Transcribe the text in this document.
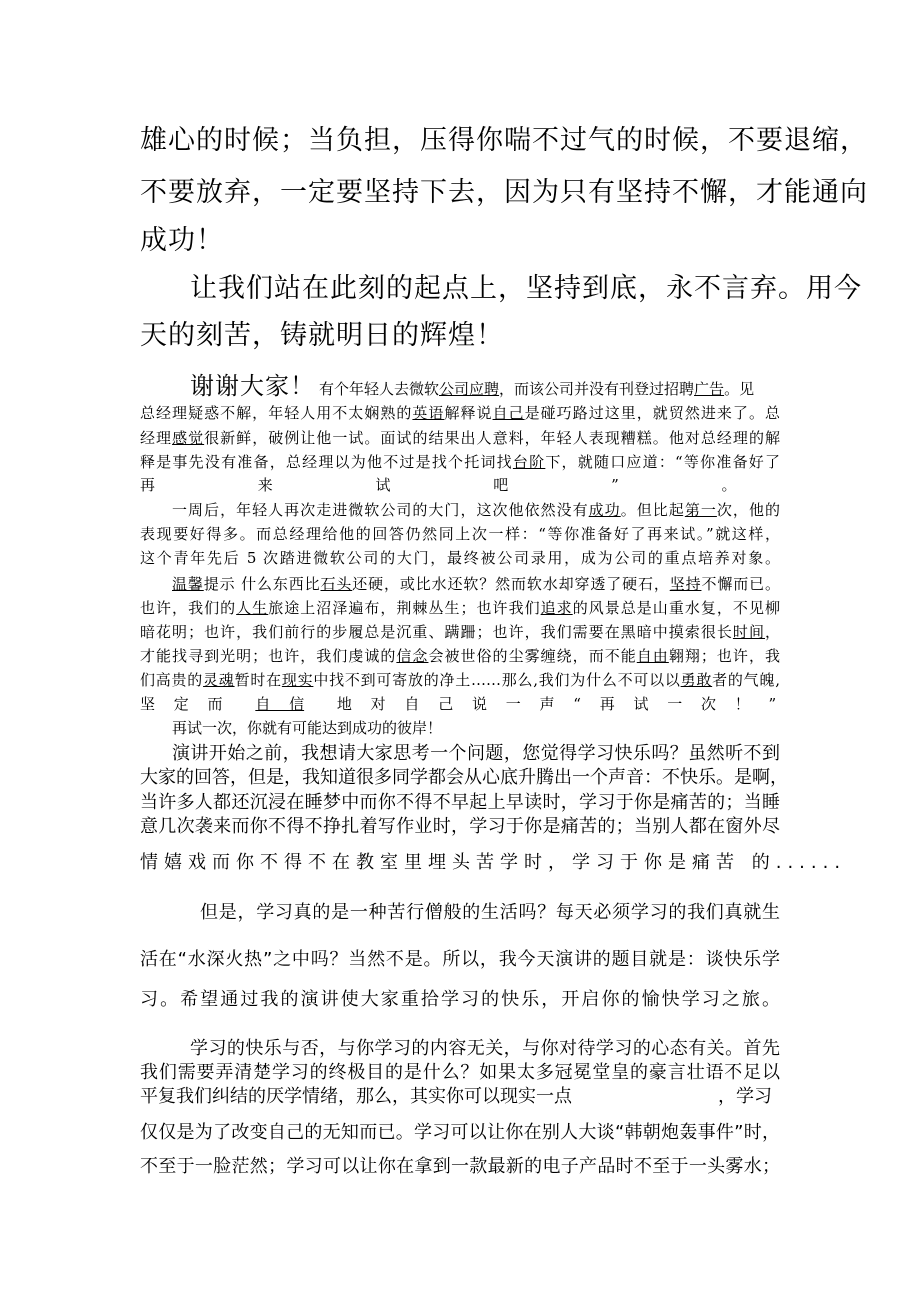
雄心的时候；当负担，压得你喘不过气的时候，不要退缩，
不要放弃，一定要坚持下去，因为只有坚持不懈，才能通向
成功！
让我们站在此刻的起点上，坚持到底，永不言弃。用今
天的刻苦，铸就明日的辉煌！
谢谢大家！ 有个年轻人去微软公司应聘，而该公司并没有刊登过招聘广告。见
总经理疑惑不解，年轻人用不太娴熟的英语解释说自己是碰巧路过这里，就贸然进来了。总
经理感觉很新鲜，破例让他一试。面试的结果出人意料，年轻人表现糟糕。他对总经理的解
释是事先没有准备，总经理以为他不过是找个托词找台阶下，就随口应道：“等你准备好了
再 来 试 吧 ” 。
一周后，年轻人再次走进微软公司的大门，这次他依然没有成功。但比起第一次，他的
表现要好得多。而总经理给他的回答仍然同上次一样：“等你准备好了再来试。”就这样，
这个青年先后 5 次踏进微软公司的大门，最终被公司录用，成为公司的重点培养对象。
温馨提示 什么东西比石头还硬，或比水还软？然而软水却穿透了硬石，坚持不懈而已。
也许，我们的人生旅途上沼泽遍布，荆棘丛生；也许我们追求的风景总是山重水复，不见柳
暗花明；也许，我们前行的步履总是沉重、蹒跚；也许，我们需要在黑暗中摸索很长时间，
才能找寻到光明；也许，我们虔诚的信念会被世俗的尘雾缠绕，而不能自由翱翔；也许，我
们高贵的灵魂暂时在现实中找不到可寄放的净土……那么,我们为什么不可以以勇敢者的气魄,
坚 定 而 自 信 地 对 自 己 说 一 声 “ 再 试 一 次 ！ ”
再试一次，你就有可能达到成功的彼岸！
演讲开始之前，我想请大家思考一个问题，您觉得学习快乐吗？虽然听不到
大家的回答，但是，我知道很多同学都会从心底升腾出一个声音：不快乐。是啊，
当许多人都还沉浸在睡梦中而你不得不早起上早读时，学习于你是痛苦的；当睡
意几次袭来而你不得不挣扎着写作业时，学习于你是痛苦的；当别人都在窗外尽
情嬉戏而你不得不在教室里埋头苦学时，学习于你是痛苦 的......
但是，学习真的是一种苦行僧般的生活吗？每天必须学习的我们真就生
活在“水深火热”之中吗？当然不是。所以，我今天演讲的题目就是：谈快乐学
习。希望通过我的演讲使大家重拾学习的快乐，开启你的愉快学习之旅。
学习的快乐与否，与你学习的内容无关，与你对待学习的心态有关。首先
我们需要弄清楚学习的终极目的是什么？如果太多冠冕堂皇的豪言壮语不足以
平复我们纠结的厌学情绪，那么，其实你可以现实一点	，学习
仅仅是为了改变自己的无知而已。学习可以让你在别人大谈“韩朝炮轰事件”时，
不至于一脸茫然；学习可以让你在拿到一款最新的电子产品时不至于一头雾水；
